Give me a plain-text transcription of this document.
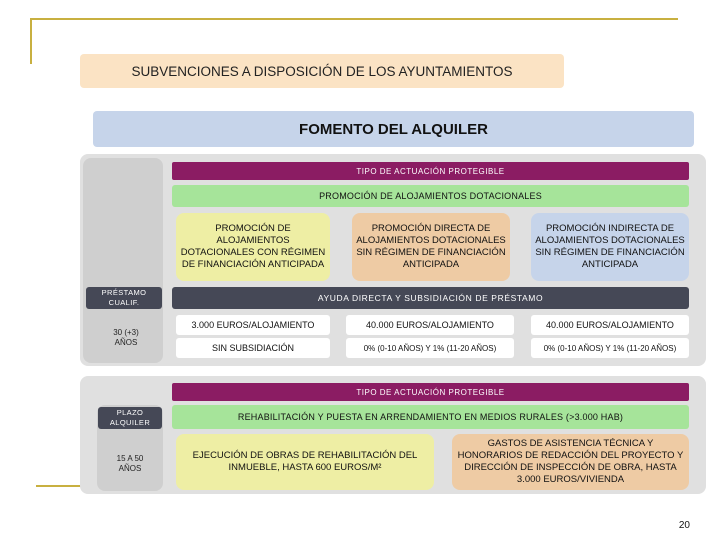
SUBVENCIONES A DISPOSICIÓN DE LOS AYUNTAMIENTOS
FOMENTO DEL ALQUILER
TIPO DE ACTUACIÓN PROTEGIBLE
PROMOCIÓN DE ALOJAMIENTOS DOTACIONALES
PROMOCIÓN DE ALOJAMIENTOS DOTACIONALES CON RÉGIMEN DE FINANCIACIÓN ANTICIPADA
PROMOCIÓN DIRECTA DE ALOJAMIENTOS DOTACIONALES SIN RÉGIMEN DE FINANCIACIÓN ANTICIPADA
PROMOCIÓN INDIRECTA DE ALOJAMIENTOS DOTACIONALES SIN RÉGIMEN DE FINANCIACIÓN ANTICIPADA
PRÉSTAMO CUALIF.	AYUDA DIRECTA Y SUBSIDIACIÓN DE PRÉSTAMO
30 (+3) AÑOS
3.000 EUROS/ALOJAMIENTO	40.000 EUROS/ALOJAMIENTO	40.000 EUROS/ALOJAMIENTO
SIN SUBSIDIACIÓN	0% (0-10 AÑOS) Y 1% (11-20 AÑOS)	0% (0-10 AÑOS) Y 1% (11-20 AÑOS)
TIPO DE ACTUACIÓN PROTEGIBLE
PLAZO ALQUILER
REHABILITACIÓN Y PUESTA EN ARRENDAMIENTO EN MEDIOS RURALES (>3.000 HAB)
15 A 50 AÑOS
EJECUCIÓN DE OBRAS DE REHABILITACIÓN DEL INMUEBLE, HASTA 600 EUROS/M²
GASTOS DE ASISTENCIA TÉCNICA Y HONORARIOS DE REDACCIÓN DEL PROYECTO Y DIRECCIÓN DE INSPECCIÓN DE OBRA, HASTA 3.000 EUROS/VIVIENDA
20
